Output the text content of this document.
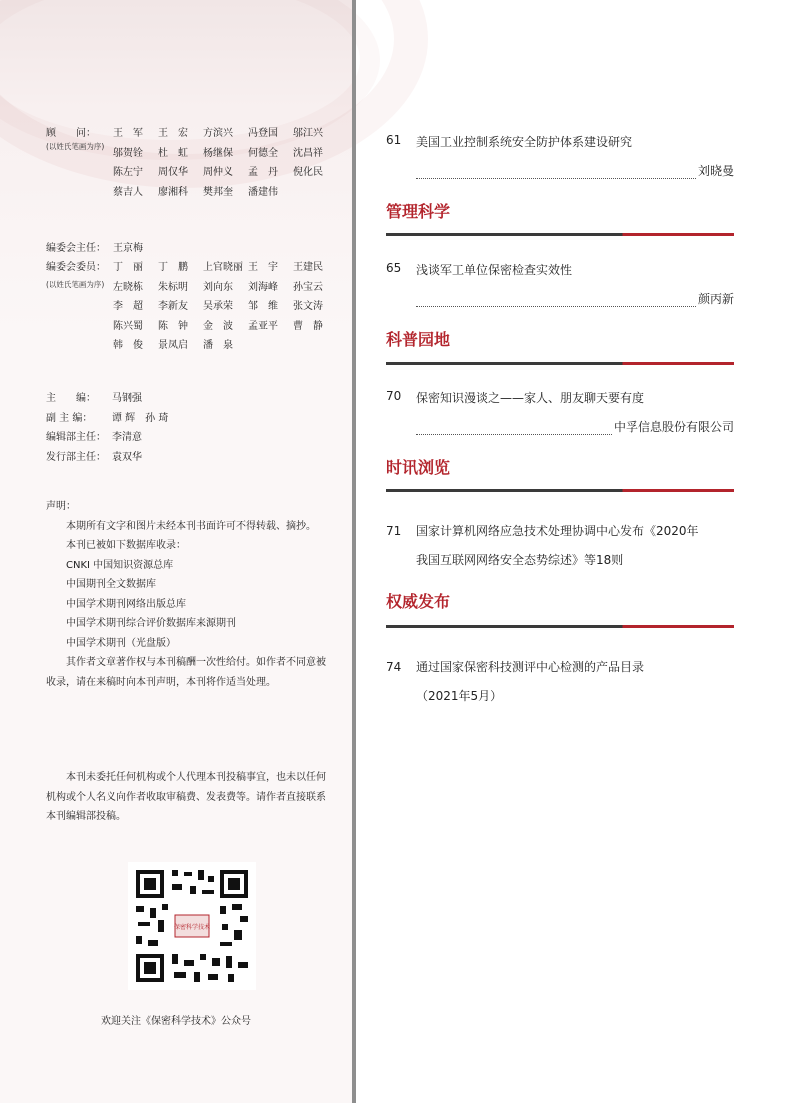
顾　　问：
(以姓氏笔画为序)
王　军	王　宏	方滨兴	冯登国	邬江兴
邬贺铨	杜　虹	杨继保	何德全	沈昌祥
陈左宁	周仅华	周仲义	孟　丹	倪化民
蔡吉人	廖湘科	樊邦奎	潘建伟
编委会主任： 王京梅
编委会委员：
(以姓氏笔画为序)
丁　丽	丁　鹏	上官晓丽 王　宇	王建民
左晓栋	朱标明	刘向东	刘海峰	孙宝云
李　超	李新友	吴承荣	邹　维	张文涛
陈兴蜀	陈　钟	金　波	孟亚平	曹　静
韩　俊	景凤启	潘　泉
主　　编： 马钢强
副 主 编： 谭 辉　孙 琦
编辑部主任： 李清意
发行部主任： 袁双华

声明：

本期所有文字和图片未经本刊书面许可不得转载、摘抄。

本刊已被如下数据库收录：

CNKI 中国知识资源总库

中国期刊全文数据库

中国学术期刊网络出版总库

中国学术期刊综合评价数据库来源期刊

中国学术期刊（光盘版）

其作者文章著作权与本刊稿酬一次性给付。如作者不同意被收录，请在来稿时向本刊声明，本刊将作适当处理。

本刊未委托任何机构或个人代理本刊投稿事宜，也未以任何机构或个人名义向作者收取审稿费、发表费等。请作者直接联系本刊编辑部投稿。

保密科学技术
欢迎关注《保密科学技术》公众号
61	美国工业控制系统安全防护体系建设研究
刘晓曼
管理科学
65	浅谈军工单位保密检查实效性
颜丙新
科普园地
70	保密知识漫谈之——家人、朋友聊天要有度
中孚信息股份有限公司
时讯浏览
71	国家计算机网络应急技术处理协调中心发布《2020年
我国互联网网络安全态势综述》等18则
权威发布
74	通过国家保密科技测评中心检测的产品目录
（2021年5月）
